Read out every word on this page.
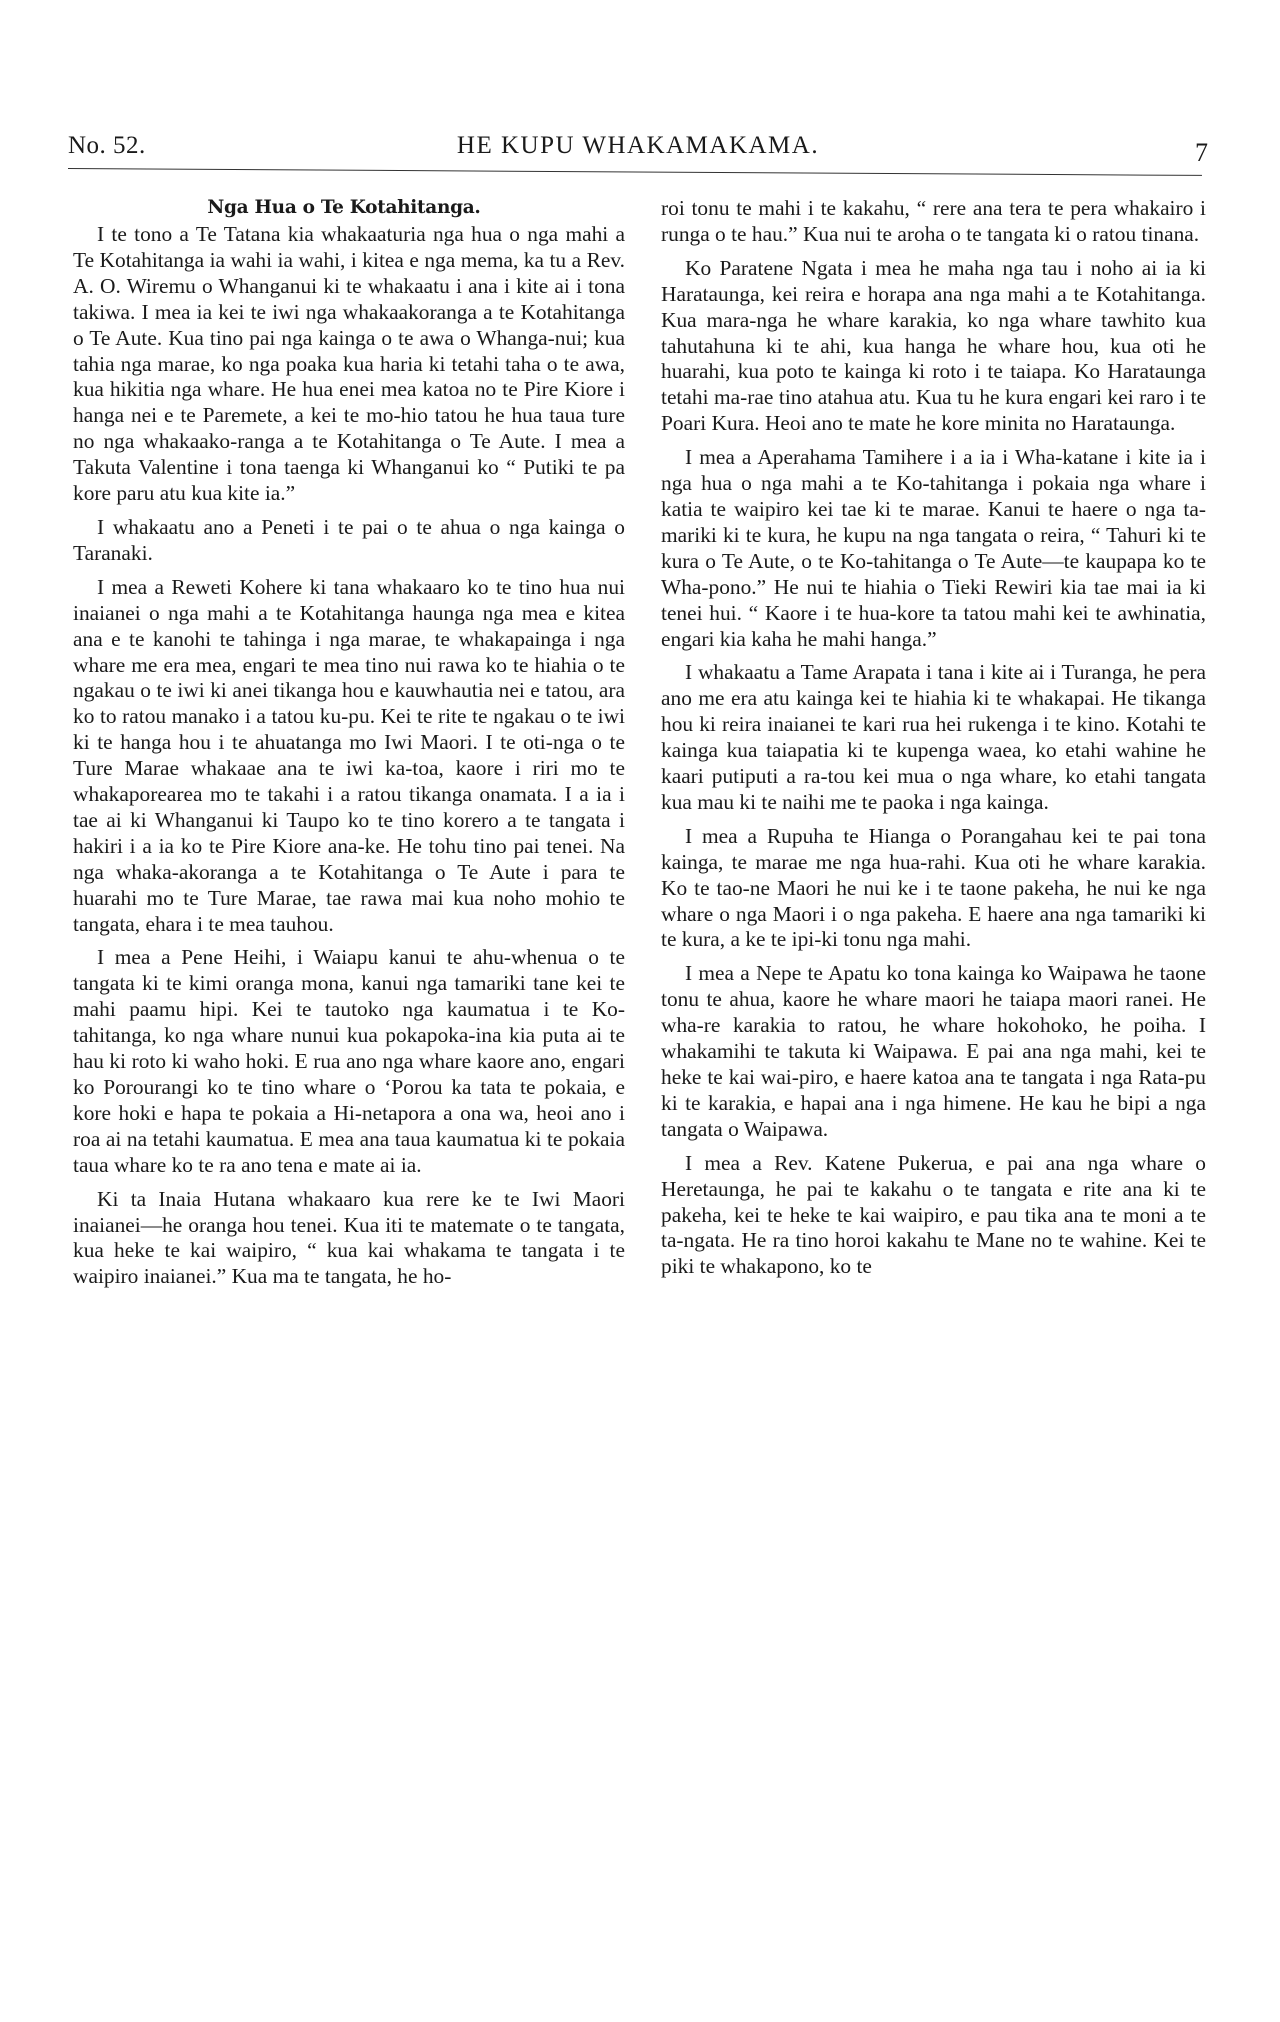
No. 52.	HE KUPU WHAKAMAKAMA.	7
Nga Hua o Te Kotahitanga.

I te tono a Te Tatana kia whakaaturia nga hua o nga mahi a Te Kotahitanga ia wahi ia wahi, i kitea e nga mema, ka tu a Rev. A. O. Wiremu o Whanganui ki te whakaatu i ana i kite ai i tona takiwa. I mea ia kei te iwi nga whakaakoranga a te Kotahitanga o Te Aute. Kua tino pai nga kainga o te awa o Whanga-nui; kua tahia nga marae, ko nga poaka kua haria ki tetahi taha o te awa, kua hikitia nga whare. He hua enei mea katoa no te Pire Kiore i hanga nei e te Paremete, a kei te mo-hio tatou he hua taua ture no nga whakaako-ranga a te Kotahitanga o Te Aute. I mea a Takuta Valentine i tona taenga ki Whanganui ko “ Putiki te pa kore paru atu kua kite ia.”

I whakaatu ano a Peneti i te pai o te ahua o nga kainga o Taranaki.

I mea a Reweti Kohere ki tana whakaaro ko te tino hua nui inaianei o nga mahi a te Kotahitanga haunga nga mea e kitea ana e te kanohi te tahinga i nga marae, te whakapainga i nga whare me era mea, engari te mea tino nui rawa ko te hiahia o te ngakau o te iwi ki anei tikanga hou e kauwhautia nei e tatou, ara ko to ratou manako i a tatou ku-pu. Kei te rite te ngakau o te iwi ki te hanga hou i te ahuatanga mo Iwi Maori. I te oti-nga o te Ture Marae whakaae ana te iwi ka-toa, kaore i riri mo te whakaporearea mo te takahi i a ratou tikanga onamata. I a ia i tae ai ki Whanganui ki Taupo ko te tino korero a te tangata i hakiri i a ia ko te Pire Kiore ana-ke. He tohu tino pai tenei. Na nga whaka-akoranga a te Kotahitanga o Te Aute i para te huarahi mo te Ture Marae, tae rawa mai kua noho mohio te tangata, ehara i te mea tauhou.

I mea a Pene Heihi, i Waiapu kanui te ahu-whenua o te tangata ki te kimi oranga mona, kanui nga tamariki tane kei te mahi paamu hipi. Kei te tautoko nga kaumatua i te Ko-tahitanga, ko nga whare nunui kua pokapoka-ina kia puta ai te hau ki roto ki waho hoki. E rua ano nga whare kaore ano, engari ko Porourangi ko te tino whare o ‘Porou ka tata te pokaia, e kore hoki e hapa te pokaia a Hi-netapora a ona wa, heoi ano i roa ai na tetahi kaumatua. E mea ana taua kaumatua ki te pokaia taua whare ko te ra ano tena e mate ai ia.

Ki ta Inaia Hutana whakaaro kua rere ke te Iwi Maori inaianei—he oranga hou tenei. Kua iti te matemate o te tangata, kua heke te kai waipiro, “ kua kai whakama te tangata i te waipiro inaianei.” Kua ma te tangata, he ho-

roi tonu te mahi i te kakahu, “ rere ana tera te pera whakairo i runga o te hau.” Kua nui te aroha o te tangata ki o ratou tinana.

Ko Paratene Ngata i mea he maha nga tau i noho ai ia ki Harataunga, kei reira e horapa ana nga mahi a te Kotahitanga. Kua mara-nga he whare karakia, ko nga whare tawhito kua tahutahuna ki te ahi, kua hanga he whare hou, kua oti he huarahi, kua poto te kainga ki roto i te taiapa. Ko Harataunga tetahi ma-rae tino atahua atu. Kua tu he kura engari kei raro i te Poari Kura. Heoi ano te mate he kore minita no Harataunga.

I mea a Aperahama Tamihere i a ia i Wha-katane i kite ia i nga hua o nga mahi a te Ko-tahitanga i pokaia nga whare i katia te waipiro kei tae ki te marae. Kanui te haere o nga ta-mariki ki te kura, he kupu na nga tangata o reira, “ Tahuri ki te kura o Te Aute, o te Ko-tahitanga o Te Aute—te kaupapa ko te Wha-pono.” He nui te hiahia o Tieki Rewiri kia tae mai ia ki tenei hui. “ Kaore i te hua-kore ta tatou mahi kei te awhinatia, engari kia kaha he mahi hanga.”

I whakaatu a Tame Arapata i tana i kite ai i Turanga, he pera ano me era atu kainga kei te hiahia ki te whakapai. He tikanga hou ki reira inaianei te kari rua hei rukenga i te kino. Kotahi te kainga kua taiapatia ki te kupenga waea, ko etahi wahine he kaari putiputi a ra-tou kei mua o nga whare, ko etahi tangata kua mau ki te naihi me te paoka i nga kainga.

I mea a Rupuha te Hianga o Porangahau kei te pai tona kainga, te marae me nga hua-rahi. Kua oti he whare karakia. Ko te tao-ne Maori he nui ke i te taone pakeha, he nui ke nga whare o nga Maori i o nga pakeha. E haere ana nga tamariki ki te kura, a ke te ipi-ki tonu nga mahi.

I mea a Nepe te Apatu ko tona kainga ko Waipawa he taone tonu te ahua, kaore he whare maori he taiapa maori ranei. He wha-re karakia to ratou, he whare hokohoko, he poiha. I whakamihi te takuta ki Waipawa. E pai ana nga mahi, kei te heke te kai wai-piro, e haere katoa ana te tangata i nga Rata-pu ki te karakia, e hapai ana i nga himene. He kau he bipi a nga tangata o Waipawa.

I mea a Rev. Katene Pukerua, e pai ana nga whare o Heretaunga, he pai te kakahu o te tangata e rite ana ki te pakeha, kei te heke te kai waipiro, e pau tika ana te moni a te ta-ngata. He ra tino horoi kakahu te Mane no te wahine. Kei te piki te whakapono, ko te
